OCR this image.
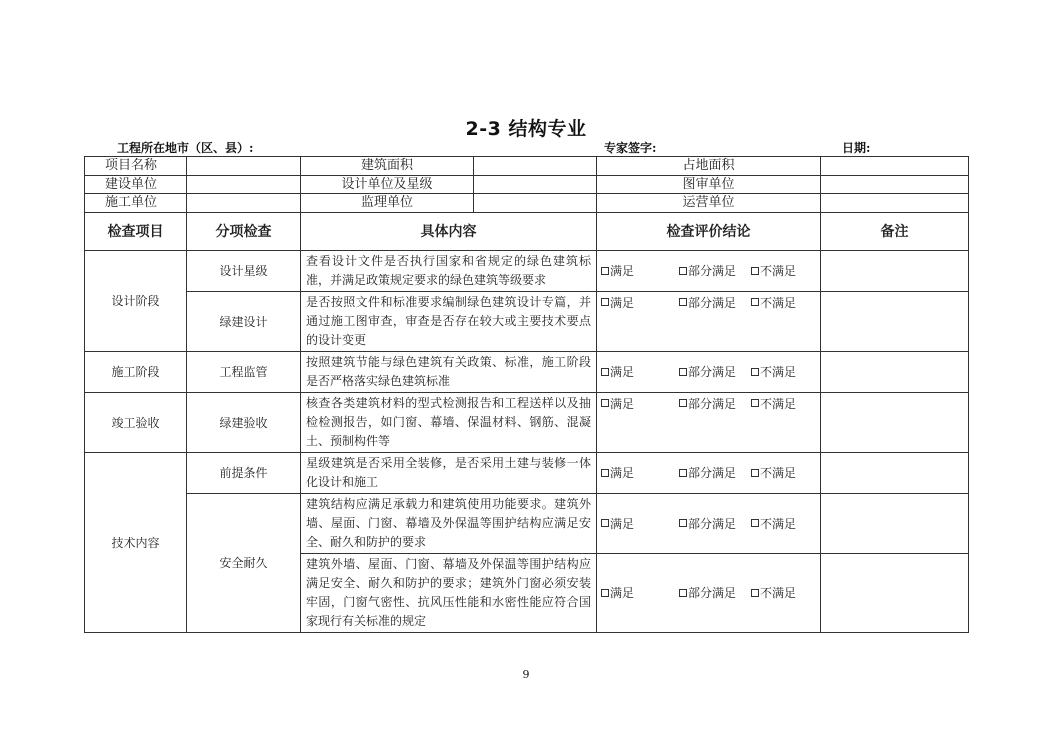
2-3 结构专业
工程所在地市（区、县）:	专家签字:	日期:
项目名称		建筑面积		占地面积	
建设单位		设计单位及星级		图审单位	
施工单位		监理单位		运营单位	
检查项目	分项检查	具体内容	检查评价结论	备注
设计阶段	设计星级	查看设计文件是否执行国家和省规定的绿色建筑标准，并满足政策规定要求的绿色建筑等级要求	满足 部分满足 不满足	
	绿建设计	是否按照文件和标准要求编制绿色建筑设计专篇，并通过施工图审查，审查是否存在较大或主要技术要点的设计变更	满足 部分满足 不满足	
施工阶段	工程监管	按照建筑节能与绿色建筑有关政策、标准，施工阶段是否严格落实绿色建筑标准	满足 部分满足 不满足	
竣工验收	绿建验收	核查各类建筑材料的型式检测报告和工程送样以及抽检检测报告，如门窗、幕墙、保温材料、钢筋、混凝土、预制构件等	满足 部分满足 不满足	
技术内容	前提条件	星级建筑是否采用全装修，是否采用土建与装修一体化设计和施工	满足 部分满足 不满足	
	安全耐久	建筑结构应满足承载力和建筑使用功能要求。建筑外墙、屋面、门窗、幕墙及外保温等围护结构应满足安全、耐久和防护的要求	满足 部分满足 不满足	
		建筑外墙、屋面、门窗、幕墙及外保温等围护结构应满足安全、耐久和防护的要求；建筑外门窗必须安装牢固，门窗气密性、抗风压性能和水密性能应符合国家现行有关标准的规定	满足 部分满足 不满足	
9
